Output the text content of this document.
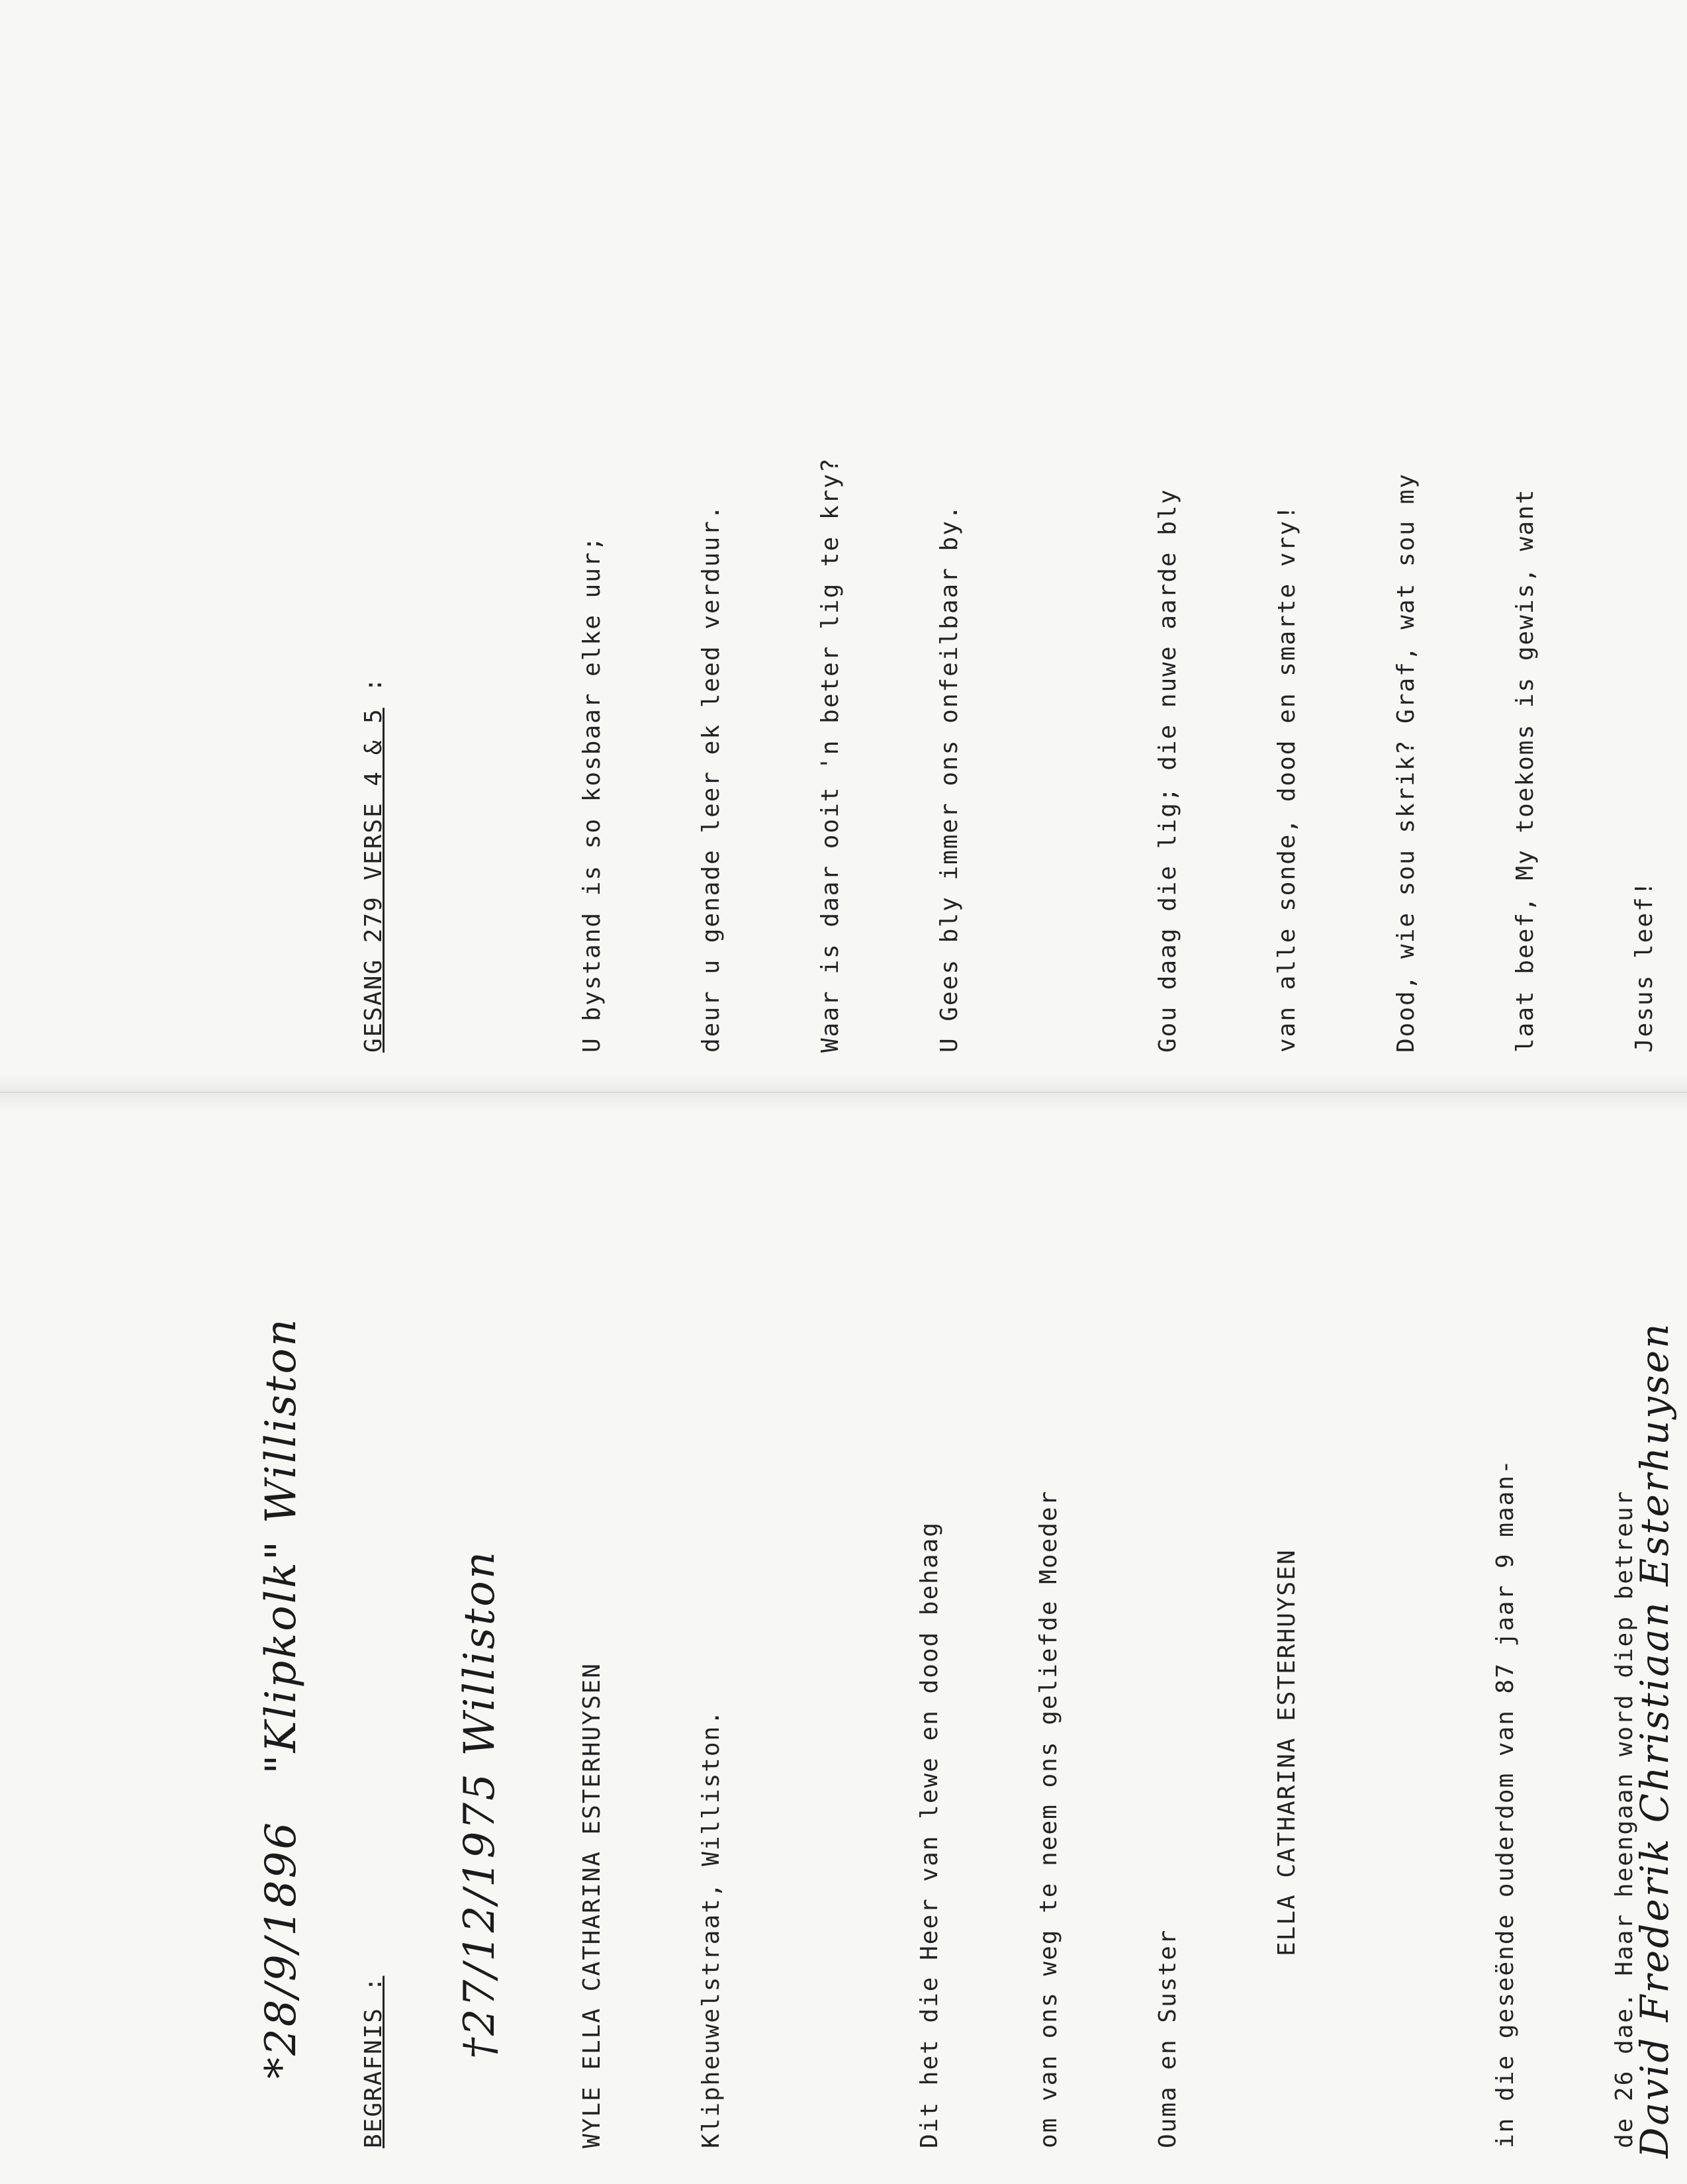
GESANG 279 VERSE 4 & 5 :

	U bystand is so kosbaar elke uur;

	deur u genade leer ek leed verduur.

	Waar is daar ooit 'n beter lig te kry?

	U Gees bly immer ons onfeilbaar by.

	Gou daag die lig; die nuwe aarde bly

	van alle sonde, dood en smarte vry!

	Dood, wie sou skrik? Graf, wat sou my

	laat beef, My toekoms is gewis, want

	Jesus leef!

*28/9/1896   "Klipkolk" Williston

†27/12/1975 Williston

BEGRAFNIS :

	WYLE ELLA CATHARINA ESTERHUYSEN

	Klipheuwelstraat, Williston.

	Dit het die Heer van lewe en dood behaag

	om van ons weg te neem ons geliefde Moeder

	Ouma en Suster

ELLA CATHARINA ESTERHUYSEN

	in die geseënde ouderdom van 87 jaar 9 maan-

	de 26 dae. Haar heengaan word diep betreur

David Frederik Christiaan Esterhuysen
